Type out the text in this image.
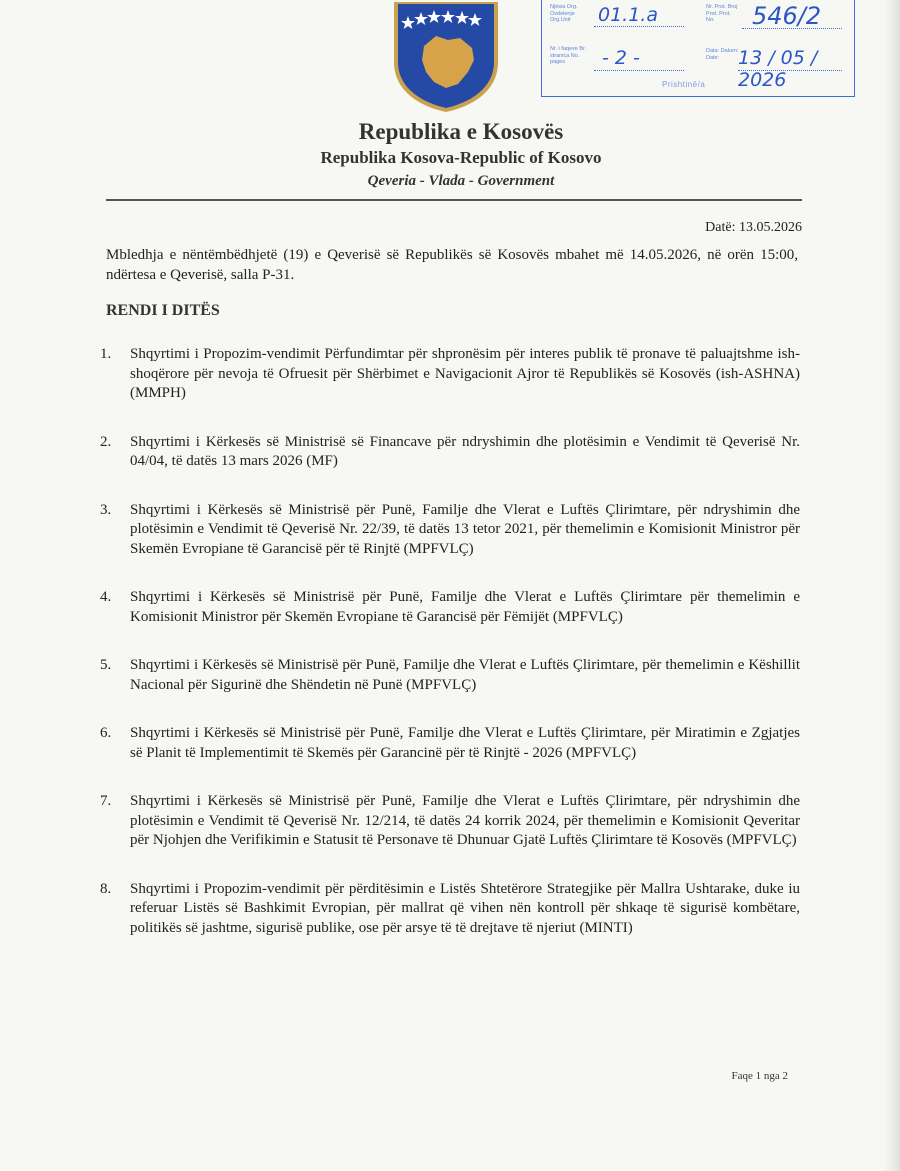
Njësia Org. Ovdelenje Org.Unit	01.1.a	Nr. Prot. Broj Prot. Prot. No.	546/2
Nr. i faqeve Br. stranica No. pages	- 2 -	Data: Datum: Date: 13 / 05 / 2026
Prishtinë/a
Republika e Kosovës
Republika Kosova-Republic of Kosovo
Qeveria - Vlada - Government
Datë: 13.05.2026
Mbledhja e nëntëmbëdhjetë (19) e Qeverisë së Republikës së Kosovës mbahet më 14.05.2026, në orën 15:00, ndërtesa e Qeverisë, salla P-31.
RENDI I DITËS
1.	Shqyrtimi i Propozim-vendimit Përfundimtar për shpronësim për interes publik të pronave të paluajtshme ish-shoqërore për nevoja të Ofruesit për Shërbimet e Navigacionit Ajror të Republikës së Kosovës (ish-ASHNA) (MMPH)
2.	Shqyrtimi i Kërkesës së Ministrisë së Financave për ndryshimin dhe plotësimin e Vendimit të Qeverisë Nr. 04/04, të datës 13 mars 2026 (MF)
3.	Shqyrtimi i Kërkesës së Ministrisë për Punë, Familje dhe Vlerat e Luftës Çlirimtare, për ndryshimin dhe plotësimin e Vendimit të Qeverisë Nr. 22/39, të datës 13 tetor 2021, për themelimin e Komisionit Ministror për Skemën Evropiane të Garancisë për të Rinjtë (MPFVLÇ)
4.	Shqyrtimi i Kërkesës së Ministrisë për Punë, Familje dhe Vlerat e Luftës Çlirimtare për themelimin e Komisionit Ministror për Skemën Evropiane të Garancisë për Fëmijët (MPFVLÇ)
5.	Shqyrtimi i Kërkesës së Ministrisë për Punë, Familje dhe Vlerat e Luftës Çlirimtare, për themelimin e Këshillit Nacional për Sigurinë dhe Shëndetin në Punë (MPFVLÇ)
6.	Shqyrtimi i Kërkesës së Ministrisë për Punë, Familje dhe Vlerat e Luftës Çlirimtare, për Miratimin e Zgjatjes së Planit të Implementimit të Skemës për Garancinë për të Rinjtë - 2026 (MPFVLÇ)
7.	Shqyrtimi i Kërkesës së Ministrisë për Punë, Familje dhe Vlerat e Luftës Çlirimtare, për ndryshimin dhe plotësimin e Vendimit të Qeverisë Nr. 12/214, të datës 24 korrik 2024, për themelimin e Komisionit Qeveritar për Njohjen dhe Verifikimin e Statusit të Personave të Dhunuar Gjatë Luftës Çlirimtare të Kosovës (MPFVLÇ)
8.	Shqyrtimi i Propozim-vendimit për përditësimin e Listës Shtetërore Strategjike për Mallra Ushtarake, duke iu referuar Listës së Bashkimit Evropian, për mallrat që vihen nën kontroll për shkaqe të sigurisë kombëtare, politikës së jashtme, sigurisë publike, ose për arsye të të drejtave të njeriut (MINTI)
Faqe 1 nga 2
